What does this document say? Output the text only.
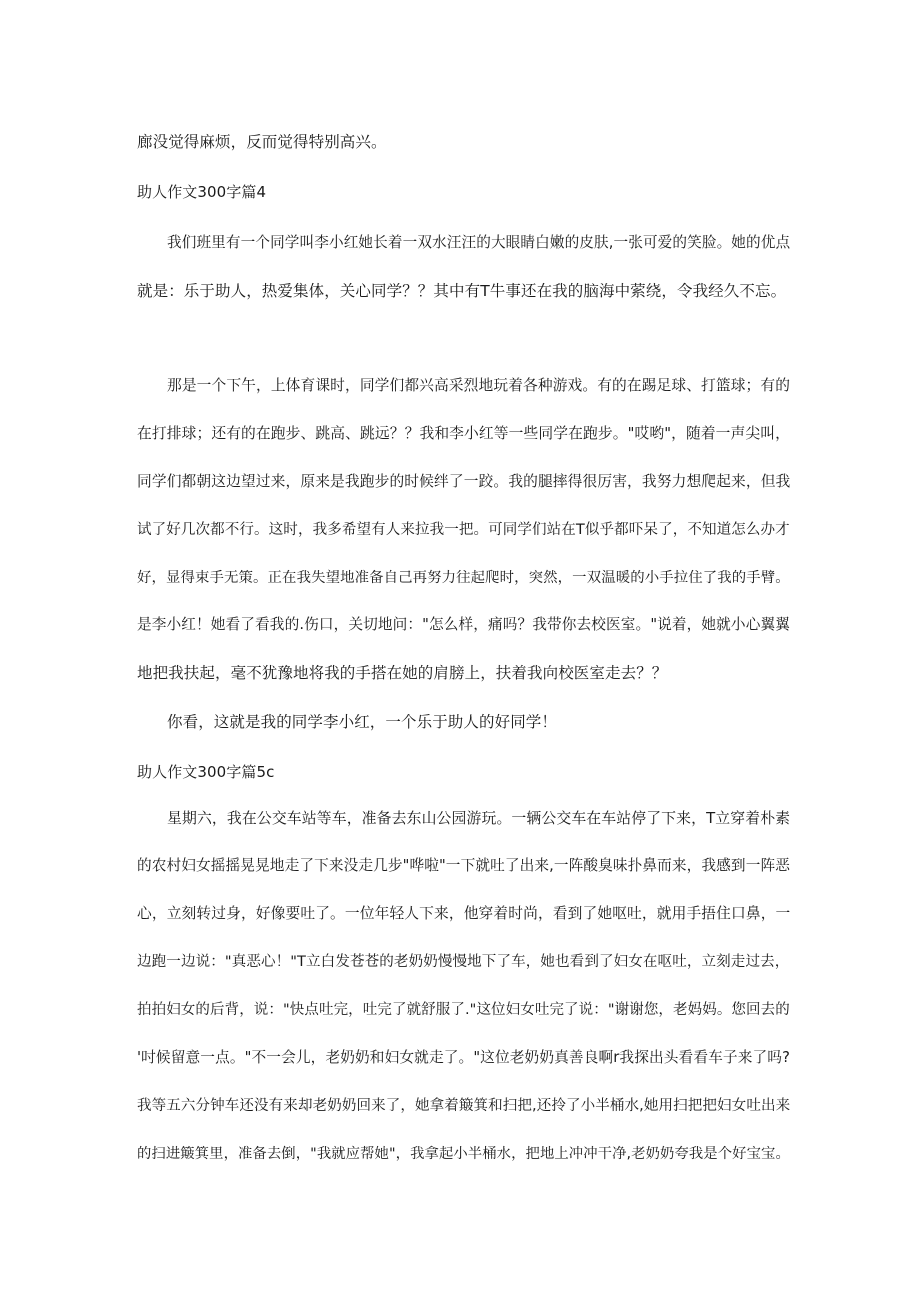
廊没觉得麻烦，反而觉得特别高兴。
助人作文300字篇4
我们班里有一个同学叫李小红她长着一双水汪汪的大眼睛白嫩的皮肤,一张可爱的笑脸。她的优点
就是：乐于助人，热爱集体，关心同学？？其中有T牛事还在我的脑海中萦绕，令我经久不忘。
那是一个下午，上体育课时，同学们都兴高采烈地玩着各种游戏。有的在踢足球、打篮球；有的
在打排球；还有的在跑步、跳高、跳远？？我和李小红等一些同学在跑步。"哎哟"，随着一声尖叫，
同学们都朝这边望过来，原来是我跑步的时候绊了一跤。我的腿摔得很厉害，我努力想爬起来，但我
试了好几次都不行。这时，我多希望有人来拉我一把。可同学们站在T似乎都吓呆了，不知道怎么办才
好，显得束手无策。正在我失望地准备自己再努力往起爬时，突然，一双温暖的小手拉住了我的手臂。
是李小红！她看了看我的.伤口，关切地问："怎么样，痛吗？我带你去校医室。"说着，她就小心翼翼
地把我扶起，毫不犹豫地将我的手搭在她的肩膀上，扶着我向校医室走去？？
你看，这就是我的同学李小红，一个乐于助人的好同学！
助人作文300字篇5c
星期六，我在公交车站等车，准备去东山公园游玩。一辆公交车在车站停了下来，T立穿着朴素
的农村妇女摇摇晃晃地走了下来没走几步"哗啦"一下就吐了出来,一阵酸臭味扑鼻而来，我感到一阵恶
心，立刻转过身，好像要吐了。一位年轻人下来，他穿着时尚，看到了她呕吐，就用手捂住口鼻，一
边跑一边说："真恶心！"T立白发苍苍的老奶奶慢慢地下了车，她也看到了妇女在呕吐，立刻走过去，
拍拍妇女的后背，说："快点吐完，吐完了就舒服了."这位妇女吐完了说："谢谢您，老妈妈。您回去的
'吋候留意一点。"不一会儿，老奶奶和妇女就走了。"这位老奶奶真善良啊r我探出头看看车子来了吗?
我等五六分钟车还没有来却老奶奶回来了，她拿着簸箕和扫把,还拎了小半桶水,她用扫把把妇女吐出来
的扫进簸箕里，准备去倒，"我就应帮她"，我拿起小半桶水，把地上冲冲干净,老奶奶夸我是个好宝宝。
